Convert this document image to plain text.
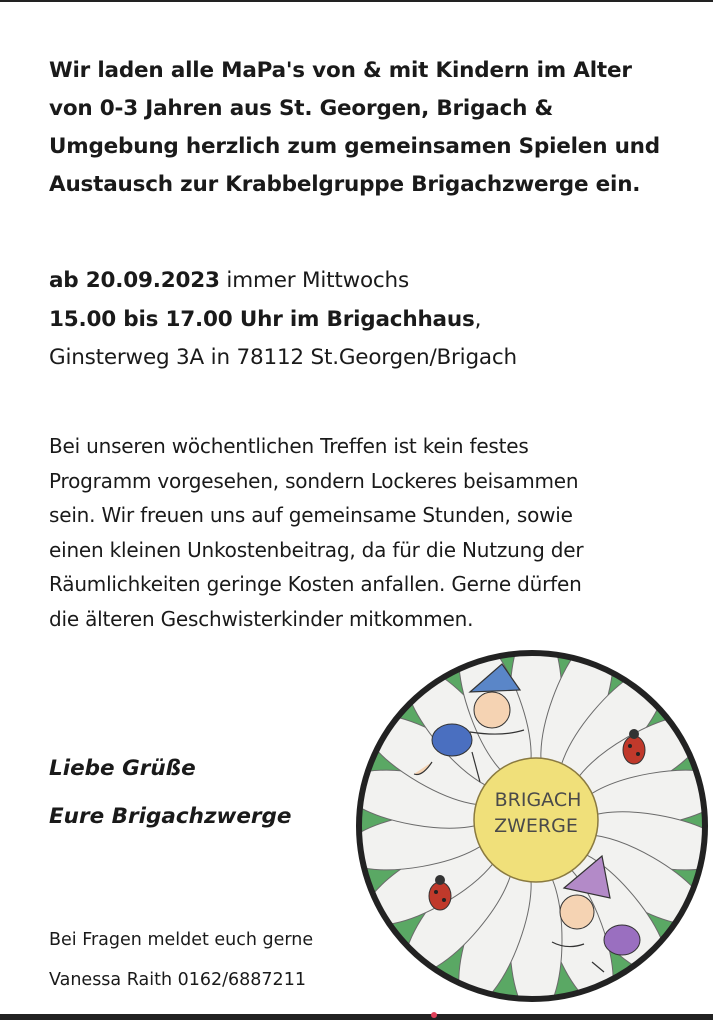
Wir laden alle MaPa's von & mit Kindern im Alter
von 0-3 Jahren aus St. Georgen, Brigach &
Umgebung herzlich zum gemeinsamen Spielen und
Austausch zur Krabbelgruppe Brigachzwerge ein.
ab 20.09.2023 immer Mittwochs
15.00 bis 17.00 Uhr im Brigachhaus,
Ginsterweg 3A in 78112 St.Georgen/Brigach
Bei unseren wöchentlichen Treffen ist kein festes
Programm vorgesehen, sondern Lockeres beisammen
sein. Wir freuen uns auf gemeinsame Stunden, sowie
einen kleinen Unkostenbeitrag, da für die Nutzung der
Räumlichkeiten geringe Kosten anfallen. Gerne dürfen
die älteren Geschwisterkinder mitkommen.
Liebe Grüße
Eure Brigachzwerge
Bei Fragen meldet euch gerne
Vanessa Raith 0162/6887211
BRIGACH
ZWERGE
